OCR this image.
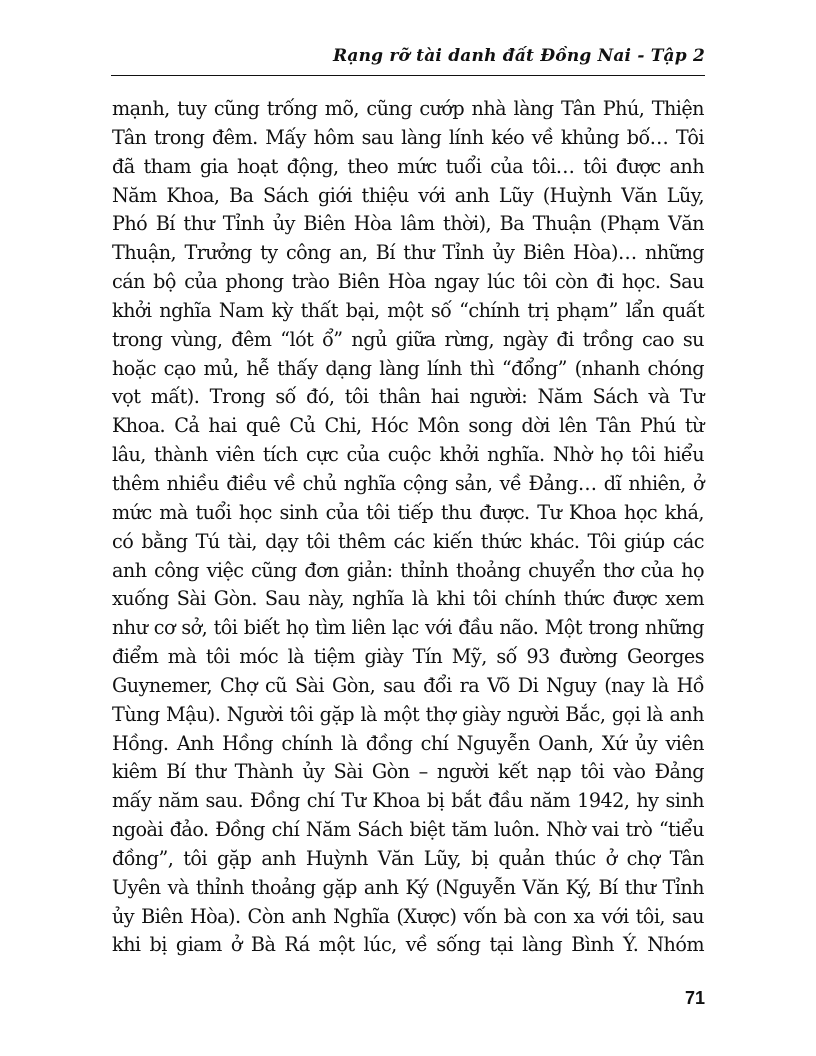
Rạng rỡ tài danh đất Đồng Nai - Tập 2
mạnh, tuy cũng trống mõ, cũng cướp nhà làng Tân Phú, Thiện
Tân trong đêm. Mấy hôm sau làng lính kéo về khủng bố… Tôi
đã tham gia hoạt động, theo mức tuổi của tôi… tôi được anh
Năm Khoa, Ba Sách giới thiệu với anh Lũy (Huỳnh Văn Lũy,
Phó Bí thư Tỉnh ủy Biên Hòa lâm thời), Ba Thuận (Phạm Văn
Thuận, Trưởng ty công an, Bí thư Tỉnh ủy Biên Hòa)… những
cán bộ của phong trào Biên Hòa ngay lúc tôi còn đi học. Sau
khởi nghĩa Nam kỳ thất bại, một số “chính trị phạm” lẩn quất
trong vùng, đêm “lót ổ” ngủ giữa rừng, ngày đi trồng cao su
hoặc cạo mủ, hễ thấy dạng làng lính thì “đổng” (nhanh chóng
vọt mất). Trong số đó, tôi thân hai người: Năm Sách và Tư
Khoa. Cả hai quê Củ Chi, Hóc Môn song dời lên Tân Phú từ
lâu, thành viên tích cực của cuộc khởi nghĩa. Nhờ họ tôi hiểu
thêm nhiều điều về chủ nghĩa cộng sản, về Đảng… dĩ nhiên, ở
mức mà tuổi học sinh của tôi tiếp thu được. Tư Khoa học khá,
có bằng Tú tài, dạy tôi thêm các kiến thức khác. Tôi giúp các
anh công việc cũng đơn giản: thỉnh thoảng chuyển thơ của họ
xuống Sài Gòn. Sau này, nghĩa là khi tôi chính thức được xem
như cơ sở, tôi biết họ tìm liên lạc với đầu não. Một trong những
điểm mà tôi móc là tiệm giày Tín Mỹ, số 93 đường Georges
Guynemer, Chợ cũ Sài Gòn, sau đổi ra Võ Di Nguy (nay là Hồ
Tùng Mậu). Người tôi gặp là một thợ giày người Bắc, gọi là anh
Hồng. Anh Hồng chính là đồng chí Nguyễn Oanh, Xứ ủy viên
kiêm Bí thư Thành ủy Sài Gòn – người kết nạp tôi vào Đảng
mấy năm sau. Đồng chí Tư Khoa bị bắt đầu năm 1942, hy sinh
ngoài đảo. Đồng chí Năm Sách biệt tăm luôn. Nhờ vai trò “tiểu
đồng”, tôi gặp anh Huỳnh Văn Lũy, bị quản thúc ở chợ Tân
Uyên và thỉnh thoảng gặp anh Ký (Nguyễn Văn Ký, Bí thư Tỉnh
ủy Biên Hòa). Còn anh Nghĩa (Xược) vốn bà con xa với tôi, sau
khi bị giam ở Bà Rá một lúc, về sống tại làng Bình Ý. Nhóm
71
